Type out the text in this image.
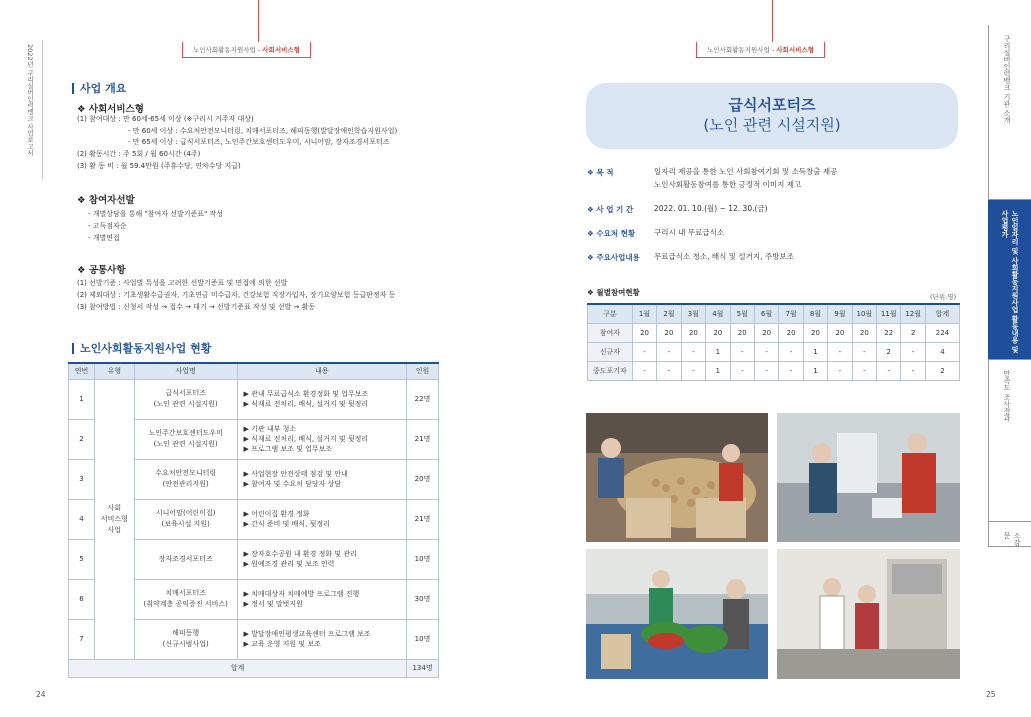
노인사회활동지원사업 - 사회서비스형
2022년 구리실버인력뱅크 사업보고서	사업 개요
❖ 사회서비스형
(1) 참여대상 : 만 60세-65세 이상 (※구리시 거주자 대상)
- 만 60세 이상 : 수요처안전모니터링, 치매서포터즈, 해피동행(발달장애인학습지원사업)
- 만 65세 이상 : 급식서포터즈, 노인주간보호센터도우미, 시니어맘, 장자조경서포터즈
(2) 활동시간 : 주 5회 / 월 60시간 (4주)
(3) 활 동 비 : 월 59.4만원 (주휴수당, 연차수당 지급)
❖ 참여자선발
- 개별상담을 통해 "참여자 선발기준표" 작성
- 고득점자순
- 개별면접
❖ 공통사항
(1) 선발기준 : 사업별 특성을 고려한 선발기준표 및 면접에 의한 선발
(2) 제외대상 : 기초생활수급권자, 기초연금 미수급자, 건강보험 직장가입자, 장기요양보험 등급판정자 등
(3) 참여방법 : 신청서 작성 → 접수 → 대기 → 선발기준표 작성 및 선발 → 활동
노인사회활동지원사업 현황
연번	유형	사업명	내용	인원
1	사회
서비스형
사업	급식서포터즈
(노인 관련 시설지원)	▶ 관내 무료급식소 환경정화 및 업무보조
▶ 식재료 전처리, 배식, 설거지 및 뒷정리	22명
2		노인주간보호센터도우미
(노인 관련 시설지원)	▶ 기관 내부 청소
▶ 식재료 전처리, 배식, 설거지 및 뒷정리
▶ 프로그램 보조 및 업무보조	21명
3		수요처안전모니터링
(안전관리지원)	▶ 사업현장 안전상태 점검 및 안내
▶ 참여자 및 수요처 담당자 상담	20명
4		시니어맘(어린이집)
(보육시설 지원)	▶ 어린이집 환경 정화
▶ 간식 준비 및 배식, 뒷정리	21명
5		장자조경서포터즈	▶ 장자호수공원 내 환경 정화 및 관리
▶ 원예조경 관리 및 보조 인력	10명
6		치매서포터즈
(취약계층 공익증진 서비스)	▶ 치매대상자 치매예방 프로그램 진행
▶ 정서 및 말벗지원	30명
7		해피동행
(신규시범사업)	▶ 발달장애인평생교육센터 프로그램 보조
▶ 교육 운영 지원 및 보조	10명
합계				134명
24
노인사회활동지원사업 - 사회서비스형
급식서포터즈
(노인 관련 시설지원)
❖ 목 적	일자리 제공을 통한 노인 사회참여기회 및 소득창출 제공
노인사회활동참여를 통한 긍정적 이미지 제고
❖ 사 업 기 간	2022. 01. 10.(월) ~ 12. 30.(금)
❖ 수요처 현황	구리시 내 무료급식소
❖ 주요사업내용 무료급식소 청소, 배식 및 설거지, 주방보조
❖ 월별참여현황	(단위:명)
구분	1월	2월	3월	4월	5월	6월	7월	8월	9월	10월	11월	12월	합계
참여자	20	20	20	20	20	20	20	20	20	20	22	2	224
신규자	-	-	-	1	-	-	-	1	-	-	2	-	4
중도포기자	-	-	-	1	-	-	-	1	-	-	-	-	2
25
구리실버인력뱅크 기관 소개
노인일자리 및 사회활동지원사업 활동내용 및 사업평가
만족도 조사결과
소감문
